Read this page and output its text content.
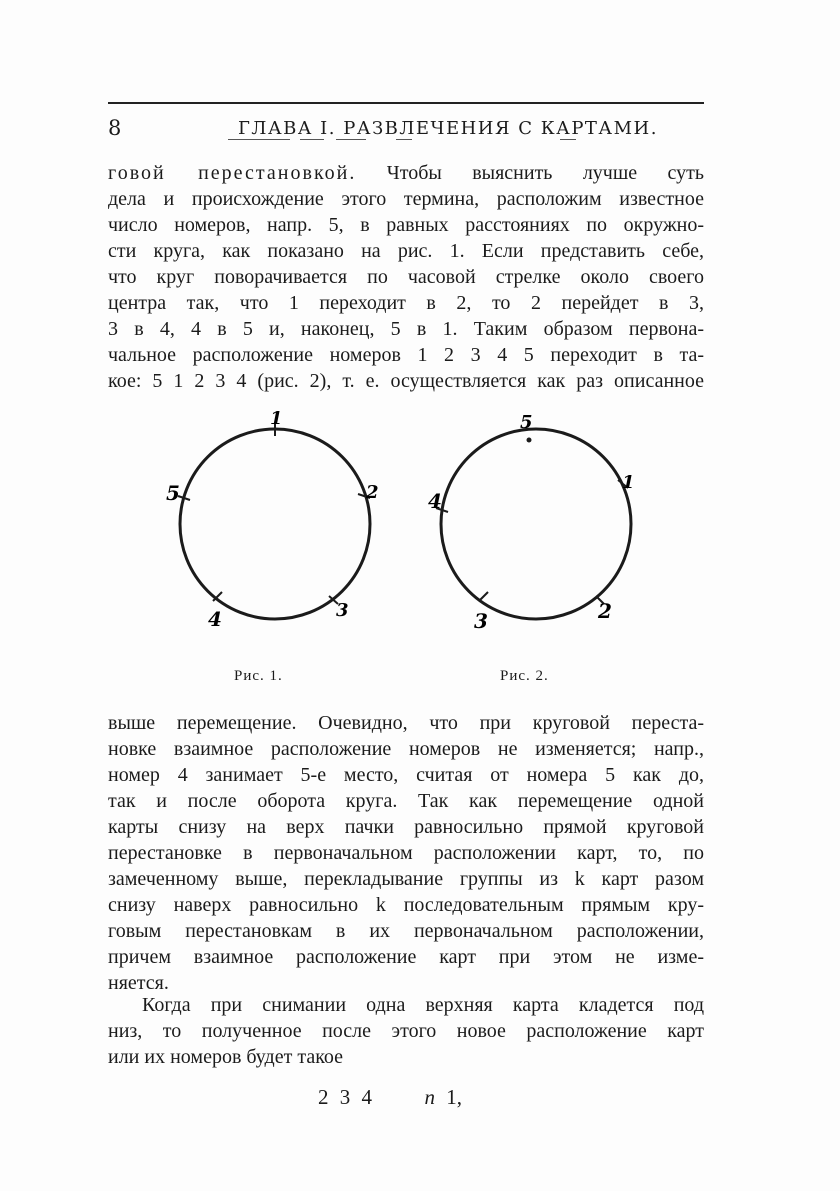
8	ГЛАВА I. РАЗВЛЕЧЕНИЯ С КАРТАМИ.
говой перестановкой. Чтобы выяснить лучше суть
дела и происхождение этого термина, расположим известное
число номеров, напр. 5, в равных расстояниях по окружно-
сти круга, как показано на рис. 1. Если представить себе,
что круг поворачивается по часовой стрелке около своего
центра так, что 1 переходит в 2, то 2 перейдет в 3,
3 в 4, 4 в 5 и, наконец, 5 в 1. Таким образом первона-
чальное расположение номеров 1 2 3 4 5 переходит в та-
кое: 5 1 2 3 4 (рис. 2), т. е. осуществляется как раз описанное
1
2
3
4
5
Рис. 1.
5
1
2
3
4
Рис. 2.
выше перемещение. Очевидно, что при круговой переста-
новке взаимное расположение номеров не изменяется; напр.,
номер 4 занимает 5-е место, считая от номера 5 как до,
так и после оборота круга. Так как перемещение одной
карты снизу на верх пачки равносильно прямой круговой
перестановке в первоначальном расположении карт, то, по
замеченному выше, перекладывание группы из k карт разом
снизу наверх равносильно k последовательным прямым кру-
говым перестановкам в их первоначальном расположении,
причем взаимное расположение карт при этом не изме-
няется.
Когда при снимании одна верхняя карта кладется под
низ, то полученное после этого новое расположение карт
или их номеров будет такое
2 3 4	n 1,
